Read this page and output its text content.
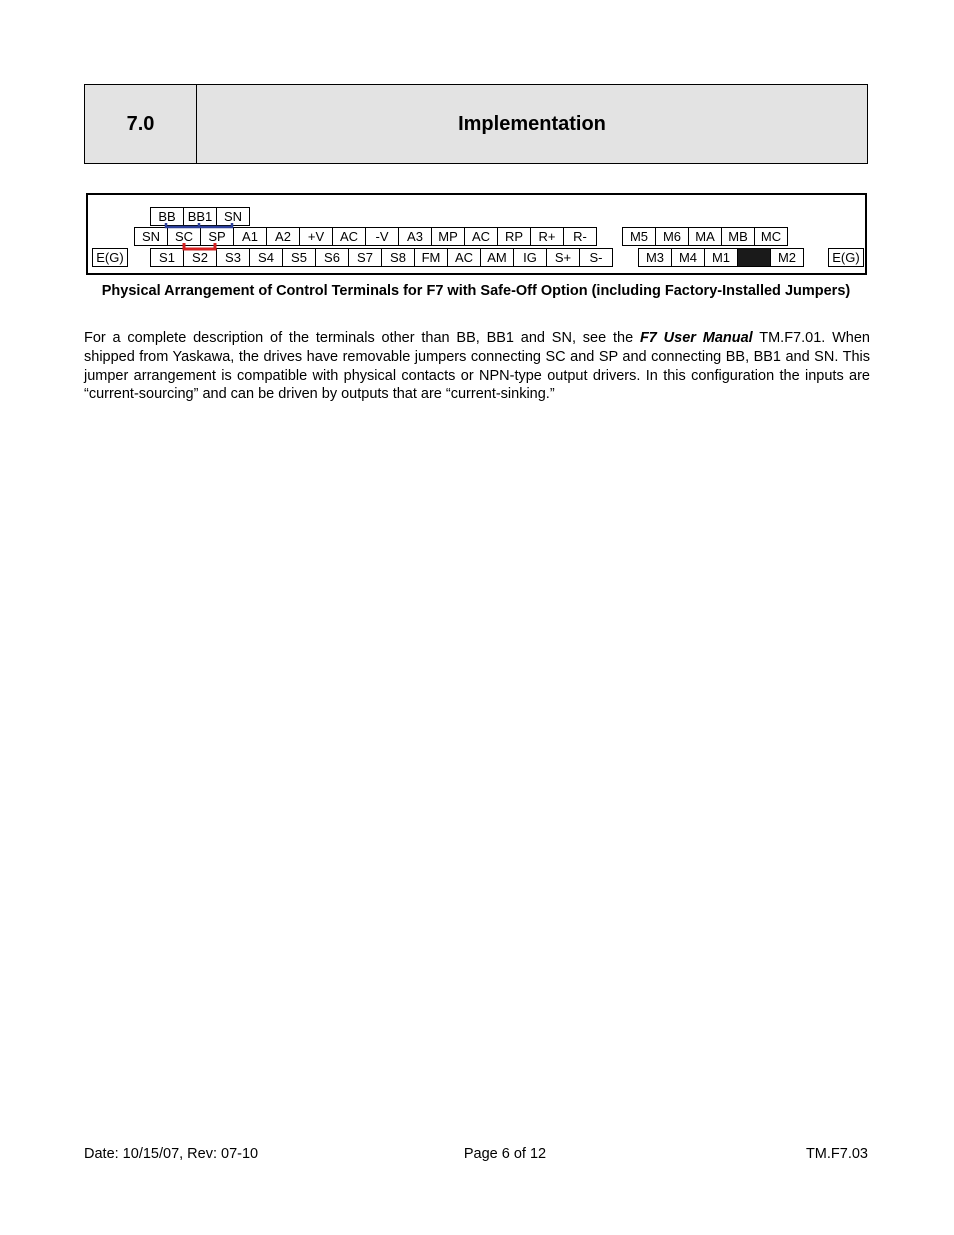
7.0	Implementation
BB BB1 SN
SN	SC	SP	A1	A2	+V	AC	-V	A3	MP	AC	RP	R+	R-	M5	M6	MA	MB	MC
E(G)	S1	S2	S3	S4	S5	S6	S7	S8	FM	AC	AM	IG	S+	S-	M3	M4	M1	M2	E(G)
Physical Arrangement of Control Terminals for F7 with Safe-Off Option (including Factory-Installed Jumpers)

For a complete description of the terminals other than BB, BB1 and SN, see the F7 User Manual TM.F7.01. When shipped from Yaskawa, the drives have removable jumpers connecting SC and SP and connecting BB, BB1 and SN. This jumper arrangement is compatible with physical contacts or NPN-type output drivers. In this configuration the inputs are “current-sourcing” and can be driven by outputs that are “current-sinking.”

Date: 10/15/07, Rev: 07-10	Page 6 of 12	TM.F7.03
